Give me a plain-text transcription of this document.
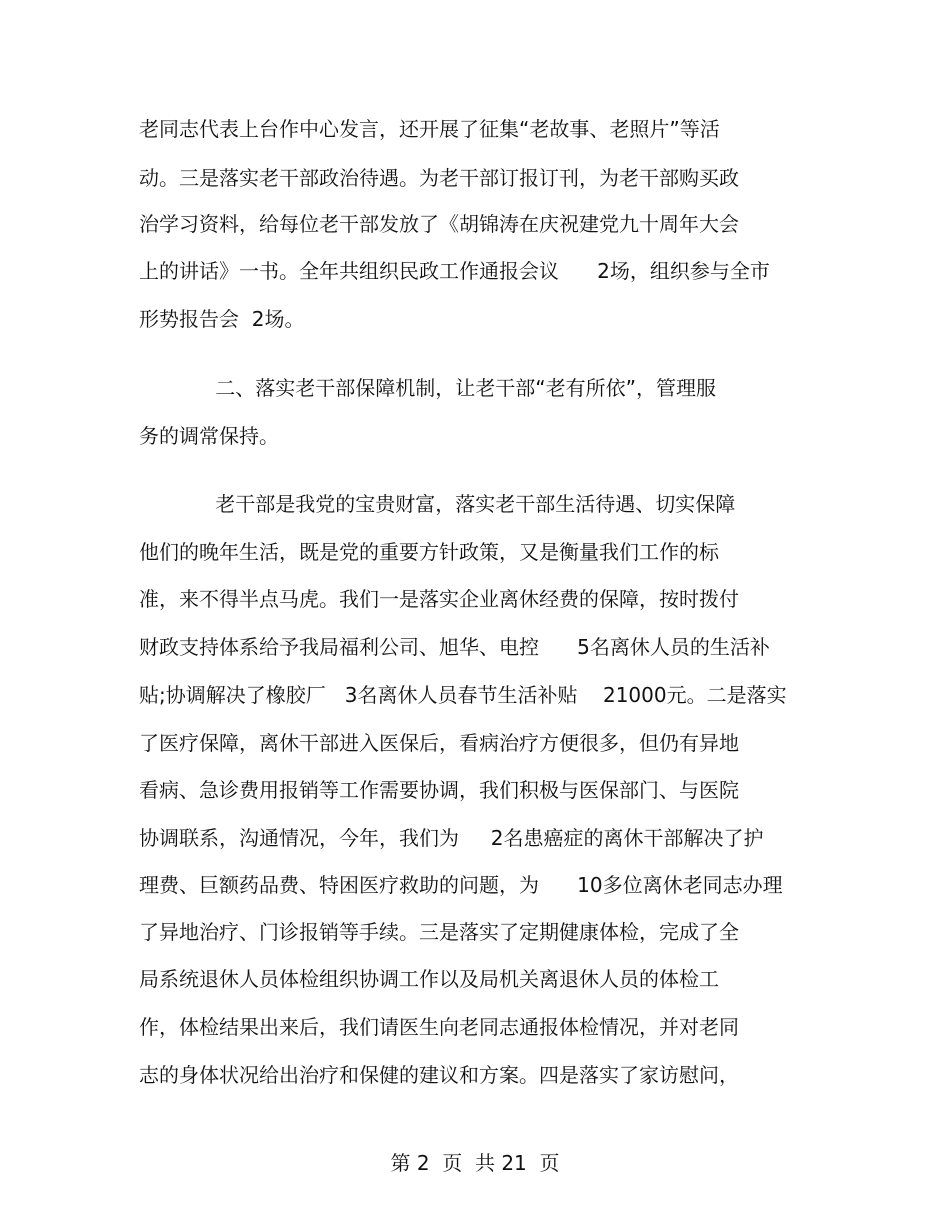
老同志代表上台作中心发言，还开展了征集“老故事、老照片”等活
动。三是落实老干部政治待遇。为老干部订报订刊，为老干部购买政
治学习资料，给每位老干部发放了《胡锦涛在庆祝建党九十周年大会
上的讲话》一书。全年共组织民政工作通报会议      2场，组织参与全市
形势报告会  2场。
二、落实老干部保障机制，让老干部“老有所依”，管理服
务的调常保持。
老干部是我党的宝贵财富，落实老干部生活待遇、切实保障
他们的晚年生活，既是党的重要方针政策，又是衡量我们工作的标
准，来不得半点马虎。我们一是落实企业离休经费的保障，按时拨付
财政支持体系给予我局福利公司、旭华、电控      5名离休人员的生活补
贴;协调解决了橡胶厂   3名离休人员春节生活补贴    21000元。二是落实
了医疗保障，离休干部进入医保后，看病治疗方便很多，但仍有异地
看病、急诊费用报销等工作需要协调，我们积极与医保部门、与医院
协调联系，沟通情况，今年，我们为     2名患癌症的离休干部解决了护
理费、巨额药品费、特困医疗救助的问题，为      10多位离休老同志办理
了异地治疗、门诊报销等手续。三是落实了定期健康体检，完成了全
局系统退休人员体检组织协调工作以及局机关离退休人员的体检工
作，体检结果出来后，我们请医生向老同志通报体检情况，并对老同
志的身体状况给出治疗和保健的建议和方案。四是落实了家访慰问，
第 2  页  共 21  页
